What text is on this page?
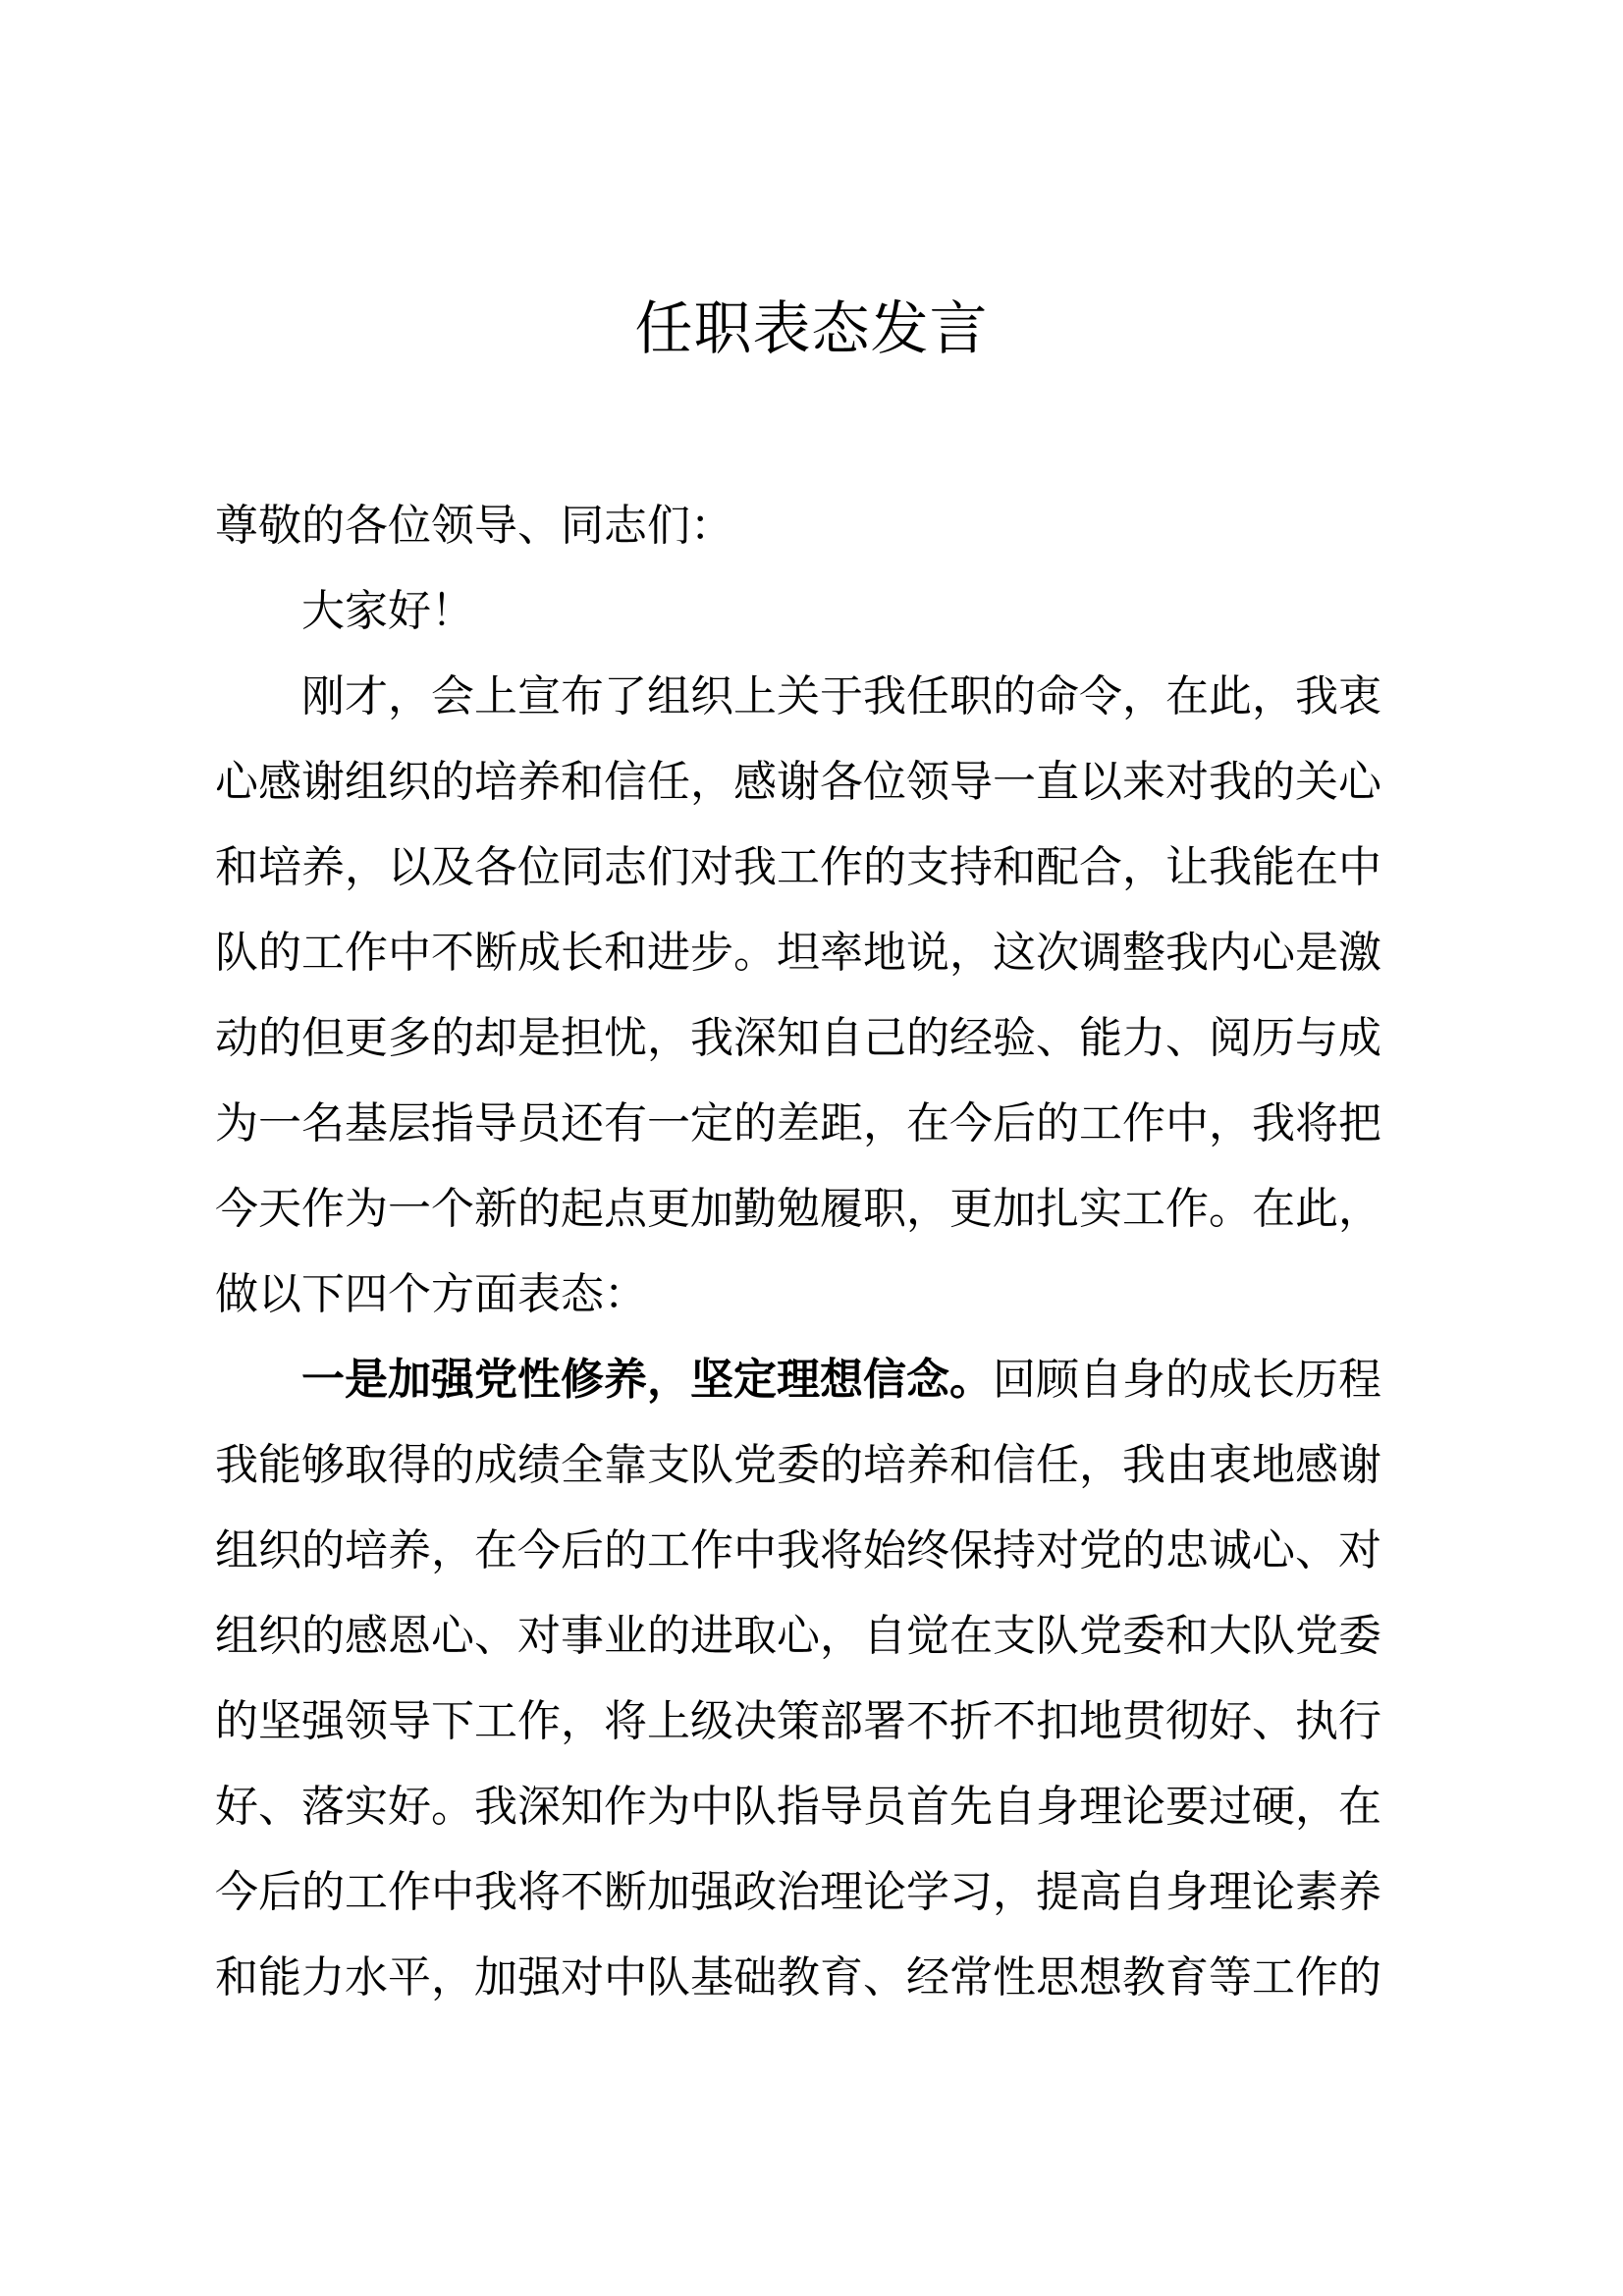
任职表态发言
尊敬的各位领导、同志们：
　　大家好！
　　刚才，会上宣布了组织上关于我任职的命令，在此，我衷
心感谢组织的培养和信任，感谢各位领导一直以来对我的关心
和培养，以及各位同志们对我工作的支持和配合，让我能在中
队的工作中不断成长和进步。坦率地说，这次调整我内心是激
动的但更多的却是担忧，我深知自己的经验、能力、阅历与成
为一名基层指导员还有一定的差距，在今后的工作中，我将把
今天作为一个新的起点更加勤勉履职，更加扎实工作。在此，
做以下四个方面表态：
　　一是加强党性修养，坚定理想信念。回顾自身的成长历程
我能够取得的成绩全靠支队党委的培养和信任，我由衷地感谢
组织的培养，在今后的工作中我将始终保持对党的忠诚心、对
组织的感恩心、对事业的进取心，自觉在支队党委和大队党委
的坚强领导下工作，将上级决策部署不折不扣地贯彻好、执行
好、落实好。我深知作为中队指导员首先自身理论要过硬，在
今后的工作中我将不断加强政治理论学习，提高自身理论素养
和能力水平，加强对中队基础教育、经常性思想教育等工作的
